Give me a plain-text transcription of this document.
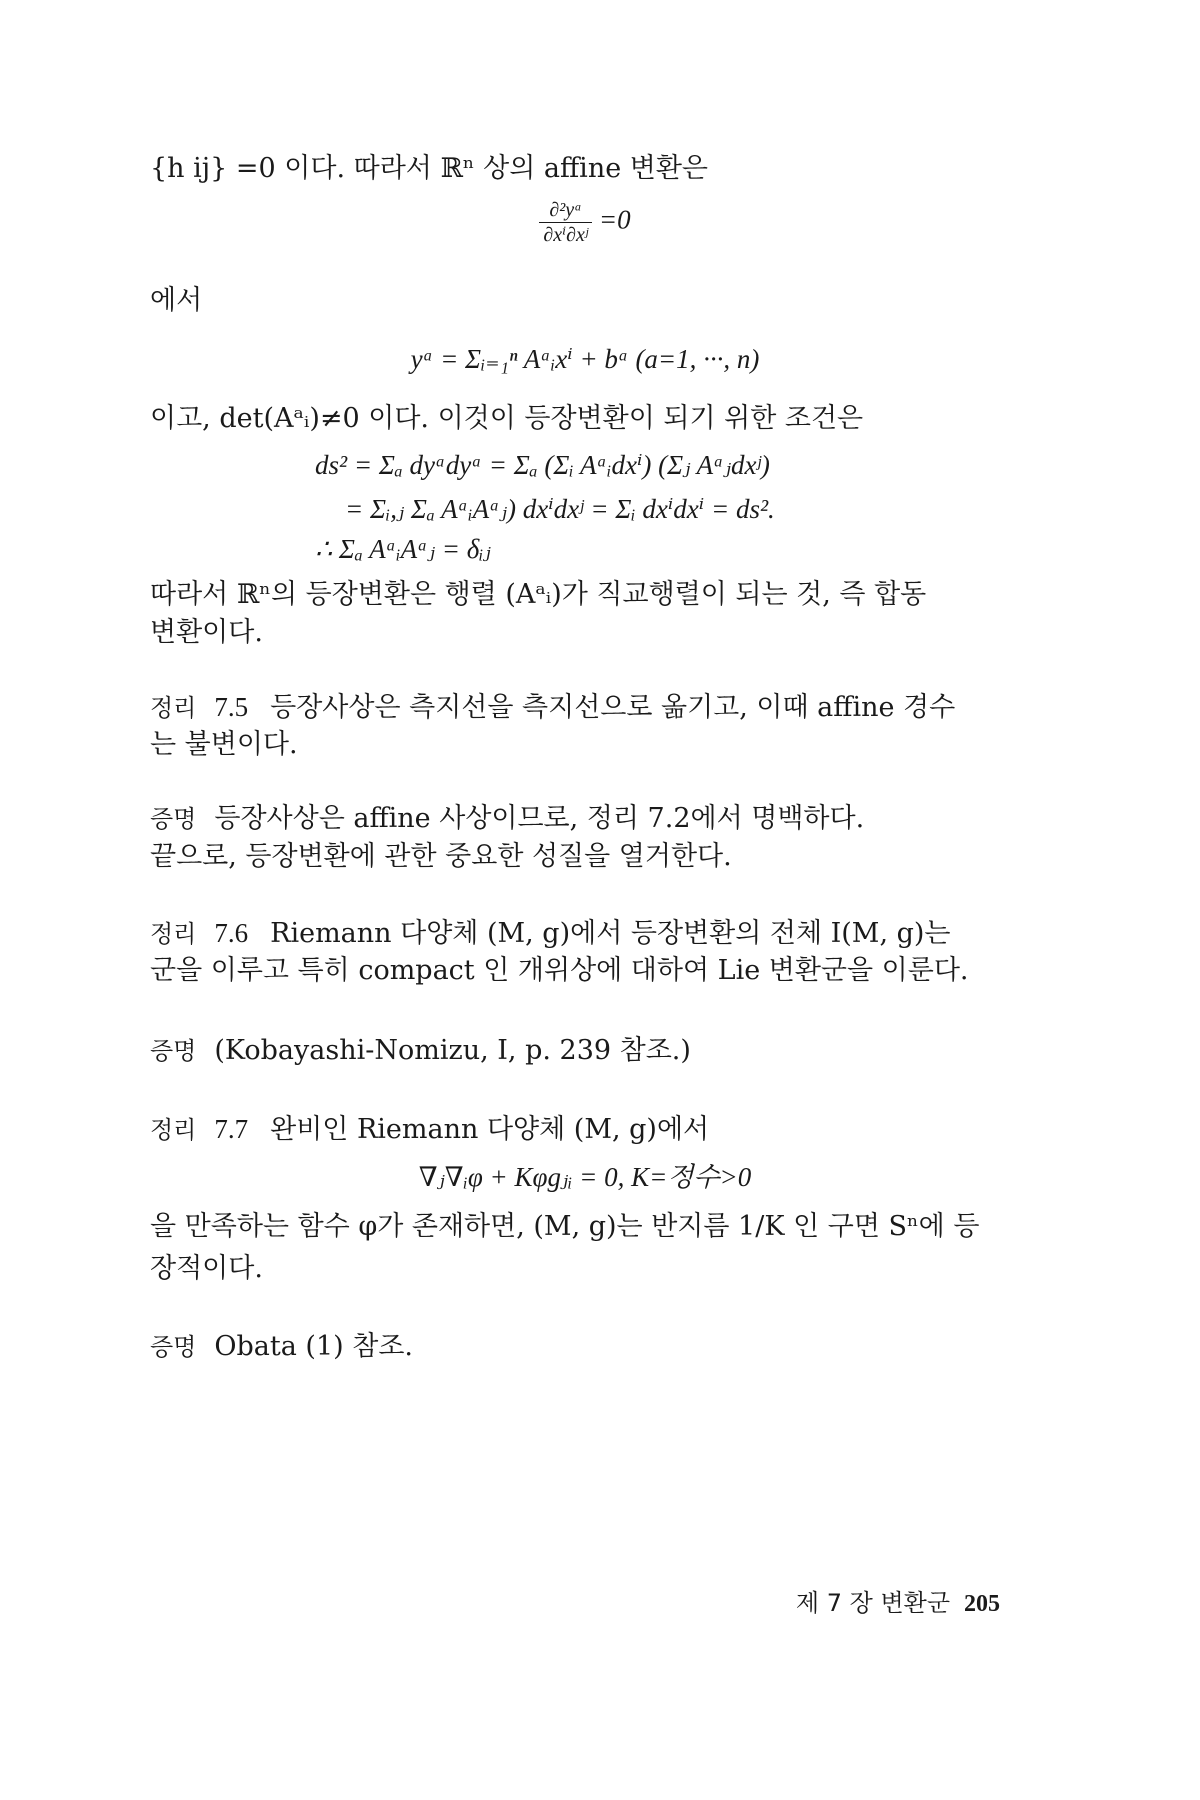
{h ij} =0 이다. 따라서 ℝⁿ 상의 affine 변환은
$\frac{\text{∂²yᵃ}}{\text{∂xⁱ∂xʲ}} =0$
에서
yᵃ = Σᵢ₌₁ⁿ Aᵃᵢxⁱ + bᵃ (a=1, ···, n)
이고, det(Aᵃᵢ)≠0 이다. 이것이 등장변환이 되기 위한 조건은
ds² = Σₐ dyᵃdyᵃ = Σₐ (Σᵢ Aᵃᵢdxⁱ) (Σⱼ Aᵃⱼdxʲ)
= Σᵢ,ⱼ Σₐ AᵃᵢAᵃⱼ) dxⁱdxʲ = Σᵢ dxⁱdxⁱ = ds².
∴ Σₐ AᵃᵢAᵃⱼ = δᵢⱼ
따라서 ℝⁿ의 등장변환은 행렬 (Aᵃᵢ)가 직교행렬이 되는 것, 즉 합동
변환이다.
정리 7.5 등장사상은 측지선을 측지선으로 옮기고, 이때 affine 경수
는 불변이다.
증명 등장사상은 affine 사상이므로, 정리 7.2에서 명백하다.
끝으로, 등장변환에 관한 중요한 성질을 열거한다.
정리 7.6 Riemann 다양체 (M, g)에서 등장변환의 전체 I(M, g)는
군을 이루고 특히 compact 인 개위상에 대하여 Lie 변환군을 이룬다.
증명 (Kobayashi-Nomizu, Ⅰ, p. 239 참조.)
정리 7.7 완비인 Riemann 다양체 (M, g)에서
∇ⱼ∇ᵢφ + Kφgⱼᵢ = 0, K=정수>0
을 만족하는 함수 φ가 존재하면, (M, g)는 반지름 1/K 인 구면 Sⁿ에 등
장적이다.
증명 Obata (1) 참조.
제 7 장 변환군 205
